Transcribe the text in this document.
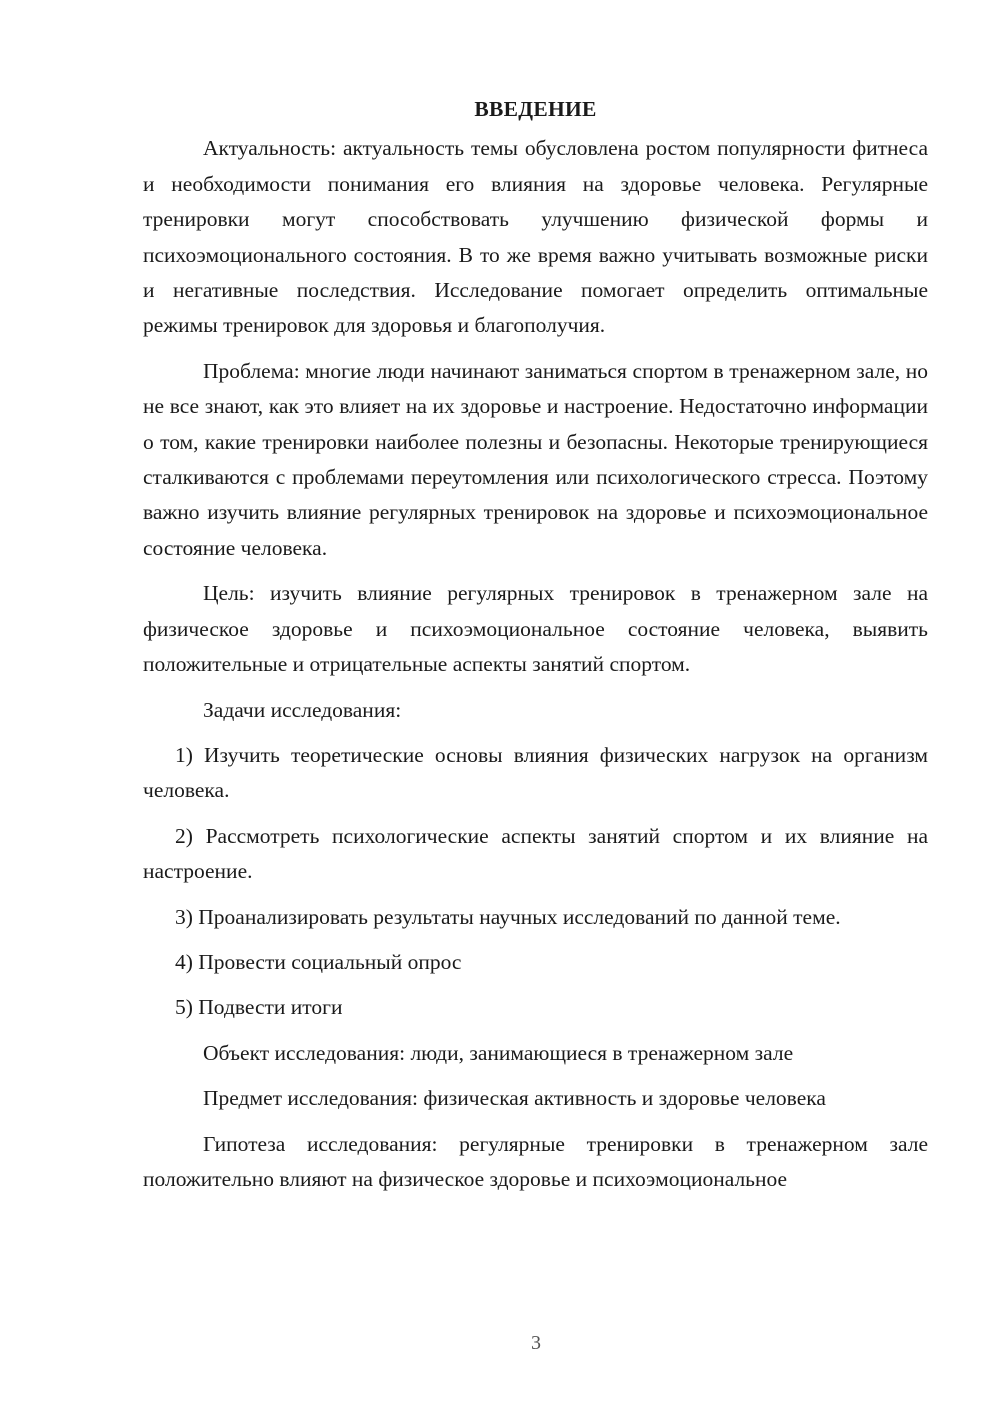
ВВЕДЕНИЕ

Актуальность: актуальность темы обусловлена ростом популярности фитнеса и необходимости понимания его влияния на здоровье человека. Регулярные тренировки могут способствовать улучшению физической формы и психоэмоционального состояния. В то же время важно учитывать возможные риски и негативные последствия. Исследование помогает определить оптимальные режимы тренировок для здоровья и благополучия.

Проблема: многие люди начинают заниматься спортом в тренажерном зале, но не все знают, как это влияет на их здоровье и настроение. Недостаточно информации о том, какие тренировки наиболее полезны и безопасны. Некоторые тренирующиеся сталкиваются с проблемами переутомления или психологического стресса. Поэтому важно изучить влияние регулярных тренировок на здоровье и психоэмоциональное состояние человека.

Цель: изучить влияние регулярных тренировок в тренажерном зале на физическое здоровье и психоэмоциональное состояние человека, выявить положительные и отрицательные аспекты занятий спортом.

Задачи исследования:

1) Изучить теоретические основы влияния физических нагрузок на организм человека.

2) Рассмотреть психологические аспекты занятий спортом и их влияние на настроение.

3) Проанализировать результаты научных исследований по данной теме.

4) Провести социальный опрос

5) Подвести итоги

Объект исследования: люди, занимающиеся в тренажерном зале

Предмет исследования: физическая активность и здоровье человека

Гипотеза исследования: регулярные тренировки в тренажерном зале положительно влияют на физическое здоровье и психоэмоциональное

3
